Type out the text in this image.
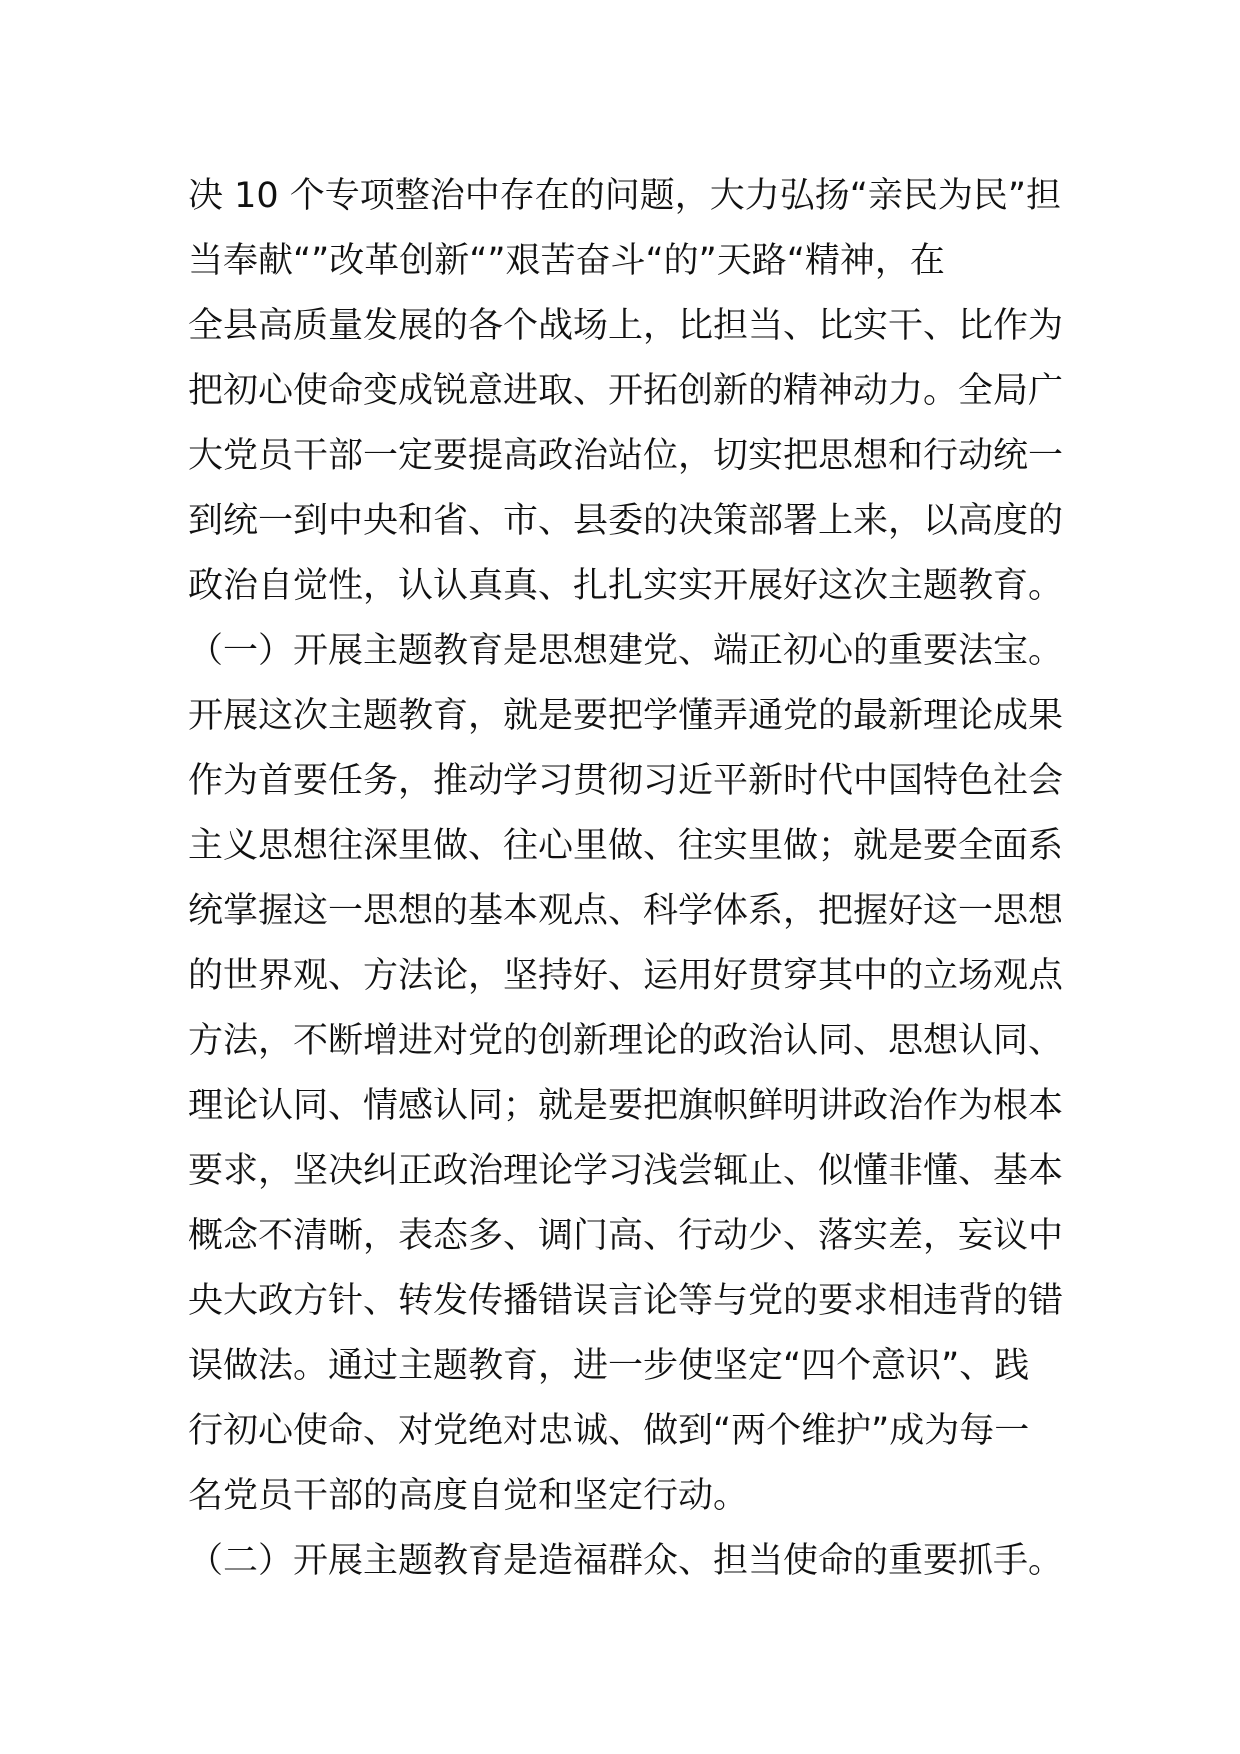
决 10 个专项整治中存在的问题，大力弘扬“亲民为民”担
当奉献“”改革创新“”艰苦奋斗“的”天路“精神，在
全县高质量发展的各个战场上，比担当、比实干、比作为
把初心使命变成锐意进取、开拓创新的精神动力。全局广
大党员干部一定要提高政治站位，切实把思想和行动统一
到统一到中央和省、市、县委的决策部署上来，以高度的
政治自觉性，认认真真、扎扎实实开展好这次主题教育。
（一）开展主题教育是思想建党、端正初心的重要法宝。
开展这次主题教育，就是要把学懂弄通党的最新理论成果
作为首要任务，推动学习贯彻习近平新时代中国特色社会
主义思想往深里做、往心里做、往实里做；就是要全面系
统掌握这一思想的基本观点、科学体系，把握好这一思想
的世界观、方法论，坚持好、运用好贯穿其中的立场观点
方法，不断增进对党的创新理论的政治认同、思想认同、
理论认同、情感认同；就是要把旗帜鲜明讲政治作为根本
要求，坚决纠正政治理论学习浅尝辄止、似懂非懂、基本
概念不清晰，表态多、调门高、行动少、落实差，妄议中
央大政方针、转发传播错误言论等与党的要求相违背的错
误做法。通过主题教育，进一步使坚定“四个意识”、践
行初心使命、对党绝对忠诚、做到“两个维护”成为每一
名党员干部的高度自觉和坚定行动。
（二）开展主题教育是造福群众、担当使命的重要抓手。
